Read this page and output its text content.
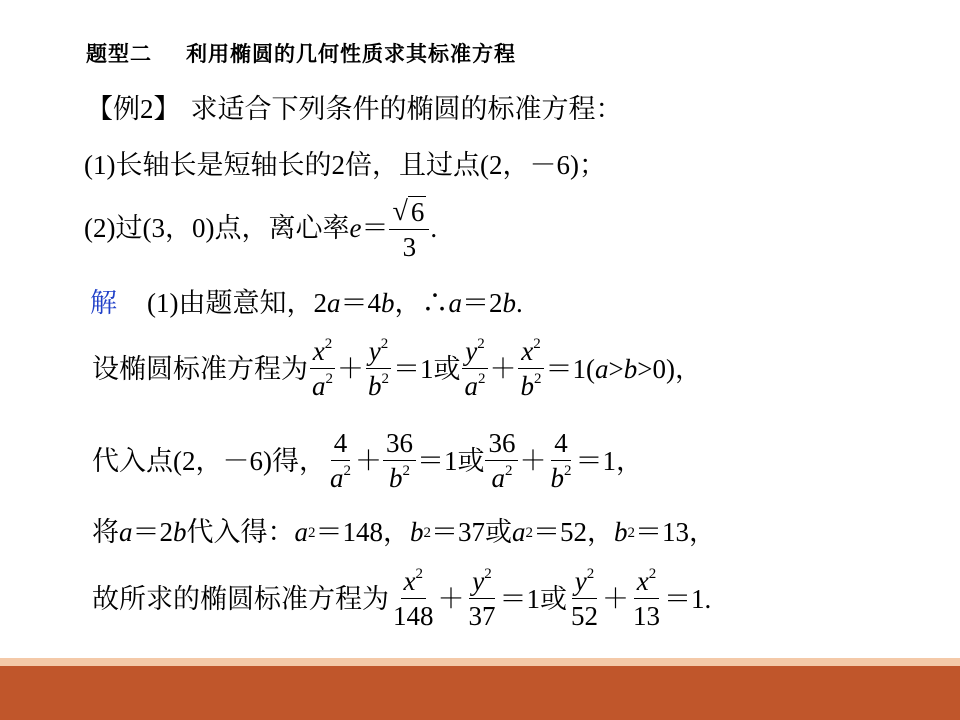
题型二 利用椭圆的几何性质求其标准方程
【例2】 求适合下列条件的椭圆的标准方程：
(1)长轴长是短轴长的2倍，且过点(2，－6)；
(2)过(3，0)点，离心率 $e = \frac{√ 6}{3}$ .
解 (1)由题意知，2 a ＝4 b ，∴ a ＝2 b .
设椭圆标准方程为 $\frac{x^2}{a^2} + \frac{y^2}{b^2} =1$或 $\frac{y^2}{a^2} + \frac{x^2}{b^2} =1$( a > b >0)，
代入点(2，－6)得， $\frac{4}{a^2} + \frac{36}{b^2} =1$或 $\frac{36}{a^2} + \frac{4}{b^2} =1$，
将 a ＝2 b 代入得： a 2 ＝148， b 2 ＝37或 a 2 ＝52， b 2 ＝13，
故所求的椭圆标准方程为 $\frac{x^2}{148} + \frac{y^2}{37} =1$或 $\frac{y^2}{52} + \frac{x^2}{13} =1$.
